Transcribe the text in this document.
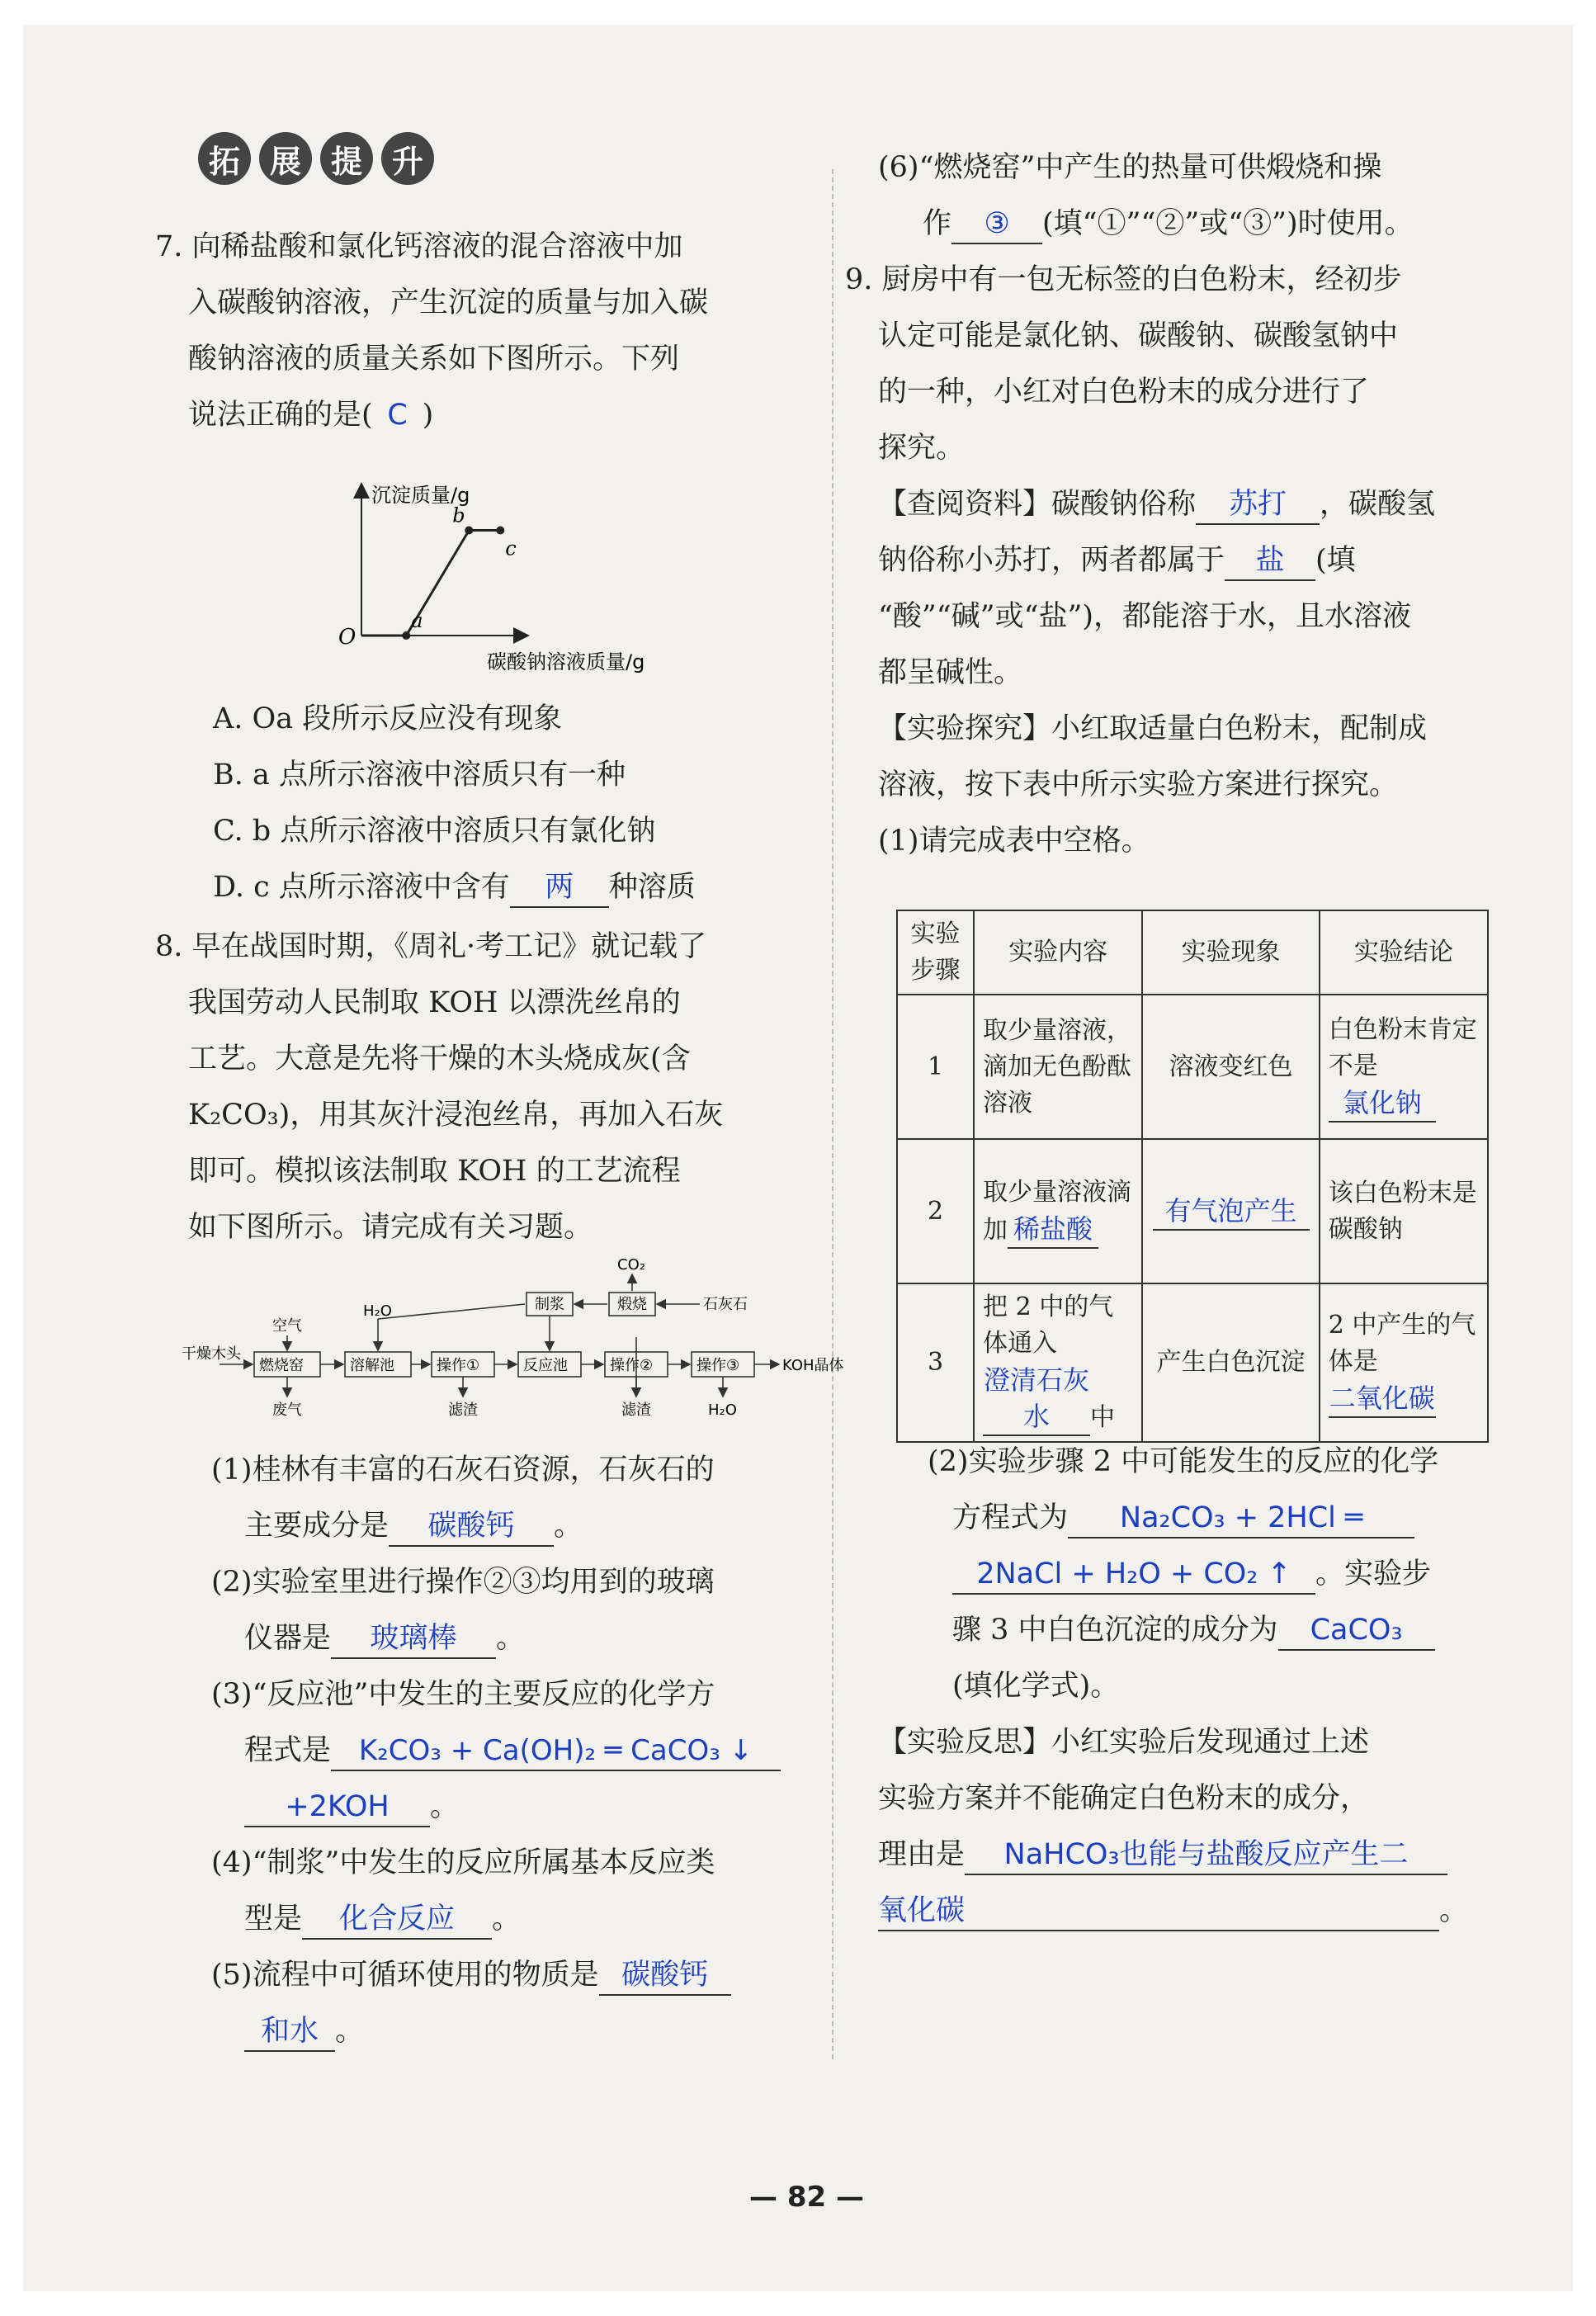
拓 展 提 升
7. 向稀盐酸和氯化钙溶液的混合溶液中加
入碳酸钠溶液，产生沉淀的质量与加入碳
酸钠溶液的质量关系如下图所示。下列
说法正确的是( C )
a
b
c
沉淀质量/g
碳酸钠溶液质量/g
O
A. Oa 段所示反应没有现象
B. a 点所示溶液中溶质只有一种
C. b 点所示溶液中溶质只有氯化钠
D. c 点所示溶液中含有 两 种溶质
8. 早在战国时期，《周礼·考工记》就记载了
我国劳动人民制取 KOH 以漂洗丝帛的
工艺。大意是先将干燥的木头烧成灰(含
K₂CO₃)，用其灰汁浸泡丝帛，再加入石灰
即可。模拟该法制取 KOH 的工艺流程
如下图所示。请完成有关习题。
干燥木头
空气
H₂O
CO₂
石灰石
燃烧窑	溶解池	操作①	反应池	操作②	操作③
制浆	煅烧
废气	滤渣	滤渣	H₂O
KOH晶体
(1)桂林有丰富的石灰石资源，石灰石的
主要成分是 碳酸钙 。
(2)实验室里进行操作②③均用到的玻璃
仪器是 玻璃棒 。
(3)“反应池”中发生的主要反应的化学方
程式是 K₂CO₃ + Ca(OH)₂ ═ CaCO₃ ↓
+2KOH 。
(4)“制浆”中发生的反应所属基本反应类
型是 化合反应 。
(5)流程中可循环使用的物质是 碳酸钙
和水 。
(6)“燃烧窑”中产生的热量可供煅烧和操
作 ③ (填“①”“②”或“③”)时使用。
9. 厨房中有一包无标签的白色粉末，经初步
认定可能是氯化钠、碳酸钠、碳酸氢钠中
的一种，小红对白色粉末的成分进行了
探究。
【查阅资料】碳酸钠俗称 苏打 ，碳酸氢
钠俗称小苏打，两者都属于 盐 (填
“酸”“碱”或“盐”)，都能溶于水，且水溶液
都呈碱性。
【实验探究】小红取适量白色粉末，配制成
溶液，按下表中所示实验方案进行探究。
(1)请完成表中空格。
实验步骤	实验内容	实验现象	实验结论
1	取少量溶液，滴加无色酚酞溶液	溶液变红色	白色粉末肯定不是
氯化钠
2	取少量溶液滴加 稀盐酸	有气泡产生	该白色粉末是碳酸钠
3	把 2 中的气体通入澄清石灰水 中	产生白色沉淀	2 中产生的气体是二氧化碳
(2)实验步骤 2 中可能发生的反应的化学
方程式为 Na₂CO₃ + 2HCl ═
2NaCl + H₂O + CO₂ ↑ 。实验步
骤 3 中白色沉淀的成分为 CaCO₃
(填化学式)。
【实验反思】小红实验后发现通过上述
实验方案并不能确定白色粉末的成分，
理由是 NaHCO₃也能与盐酸反应产生二
氧化碳	。
— 82 —
